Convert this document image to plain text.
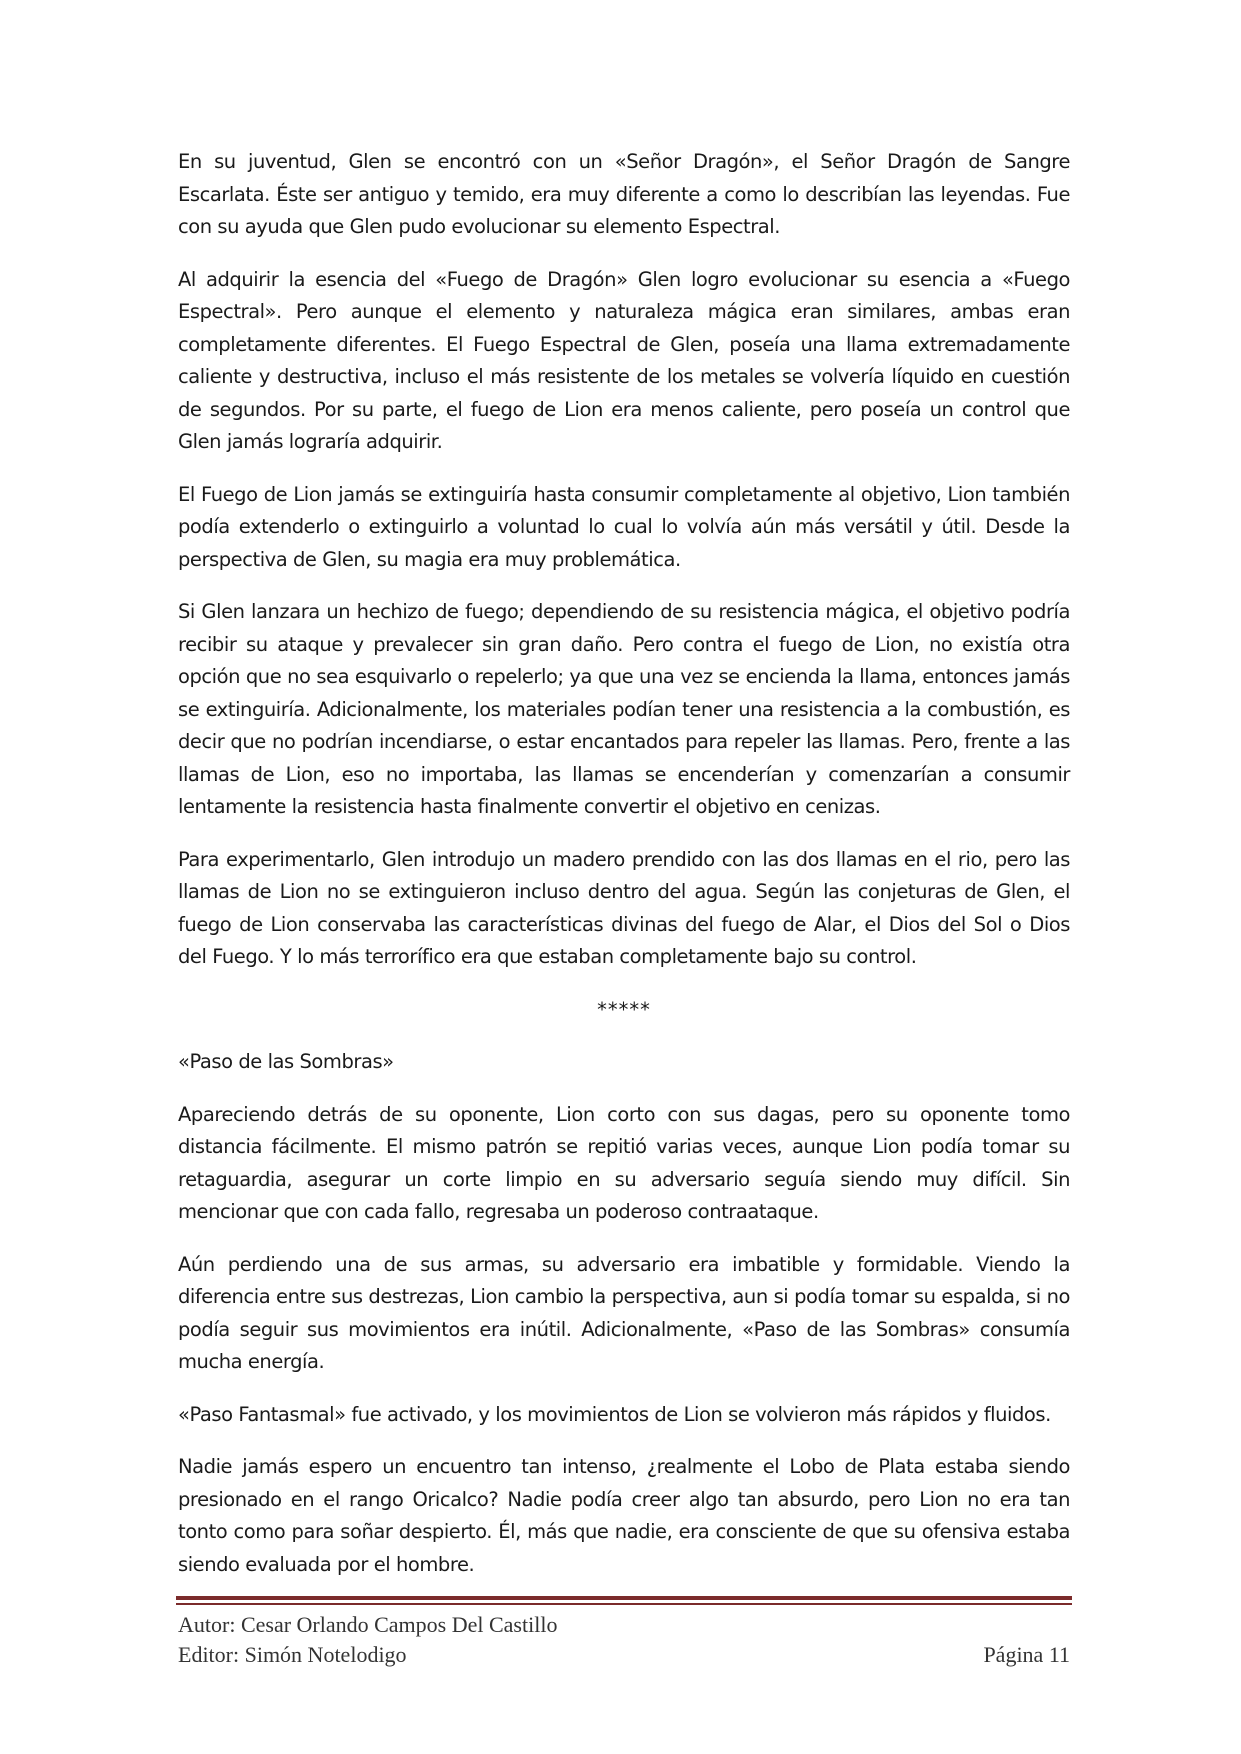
En su juventud, Glen se encontró con un «Señor Dragón», el Señor Dragón de Sangre Escarlata. Éste ser antiguo y temido, era muy diferente a como lo describían las leyendas. Fue con su ayuda que Glen pudo evolucionar su elemento Espectral.

Al adquirir la esencia del «Fuego de Dragón» Glen logro evolucionar su esencia a «Fuego Espectral». Pero aunque el elemento y naturaleza mágica eran similares, ambas eran completamente diferentes. El Fuego Espectral de Glen, poseía una llama extremadamente caliente y destructiva, incluso el más resistente de los metales se volvería líquido en cuestión de segundos. Por su parte, el fuego de Lion era menos caliente, pero poseía un control que Glen jamás lograría adquirir.

El Fuego de Lion jamás se extinguiría hasta consumir completamente al objetivo, Lion también podía extenderlo o extinguirlo a voluntad lo cual lo volvía aún más versátil y útil. Desde la perspectiva de Glen, su magia era muy problemática.

Si Glen lanzara un hechizo de fuego; dependiendo de su resistencia mágica, el objetivo podría recibir su ataque y prevalecer sin gran daño. Pero contra el fuego de Lion, no existía otra opción que no sea esquivarlo o repelerlo; ya que una vez se encienda la llama, entonces jamás se extinguiría. Adicionalmente, los materiales podían tener una resistencia a la combustión, es decir que no podrían incendiarse, o estar encantados para repeler las llamas. Pero, frente a las llamas de Lion, eso no importaba, las llamas se encenderían y comenzarían a consumir lentamente la resistencia hasta finalmente convertir el objetivo en cenizas.

Para experimentarlo, Glen introdujo un madero prendido con las dos llamas en el rio, pero las llamas de Lion no se extinguieron incluso dentro del agua. Según las conjeturas de Glen, el fuego de Lion conservaba las características divinas del fuego de Alar, el Dios del Sol o Dios del Fuego. Y lo más terrorífico era que estaban completamente bajo su control.

*****

«Paso de las Sombras»

Apareciendo detrás de su oponente, Lion corto con sus dagas, pero su oponente tomo distancia fácilmente. El mismo patrón se repitió varias veces, aunque Lion podía tomar su retaguardia, asegurar un corte limpio en su adversario seguía siendo muy difícil. Sin mencionar que con cada fallo, regresaba un poderoso contraataque.

Aún perdiendo una de sus armas, su adversario era imbatible y formidable. Viendo la diferencia entre sus destrezas, Lion cambio la perspectiva, aun si podía tomar su espalda, si no podía seguir sus movimientos era inútil. Adicionalmente, «Paso de las Sombras» consumía mucha energía.

«Paso Fantasmal» fue activado, y los movimientos de Lion se volvieron más rápidos y fluidos.

Nadie jamás espero un encuentro tan intenso, ¿realmente el Lobo de Plata estaba siendo presionado en el rango Oricalco? Nadie podía creer algo tan absurdo, pero Lion no era tan tonto como para soñar despierto. Él, más que nadie, era consciente de que su ofensiva estaba siendo evaluada por el hombre.

Autor: Cesar Orlando Campos Del Castillo
Editor: Simón Notelodigo	Página 11
